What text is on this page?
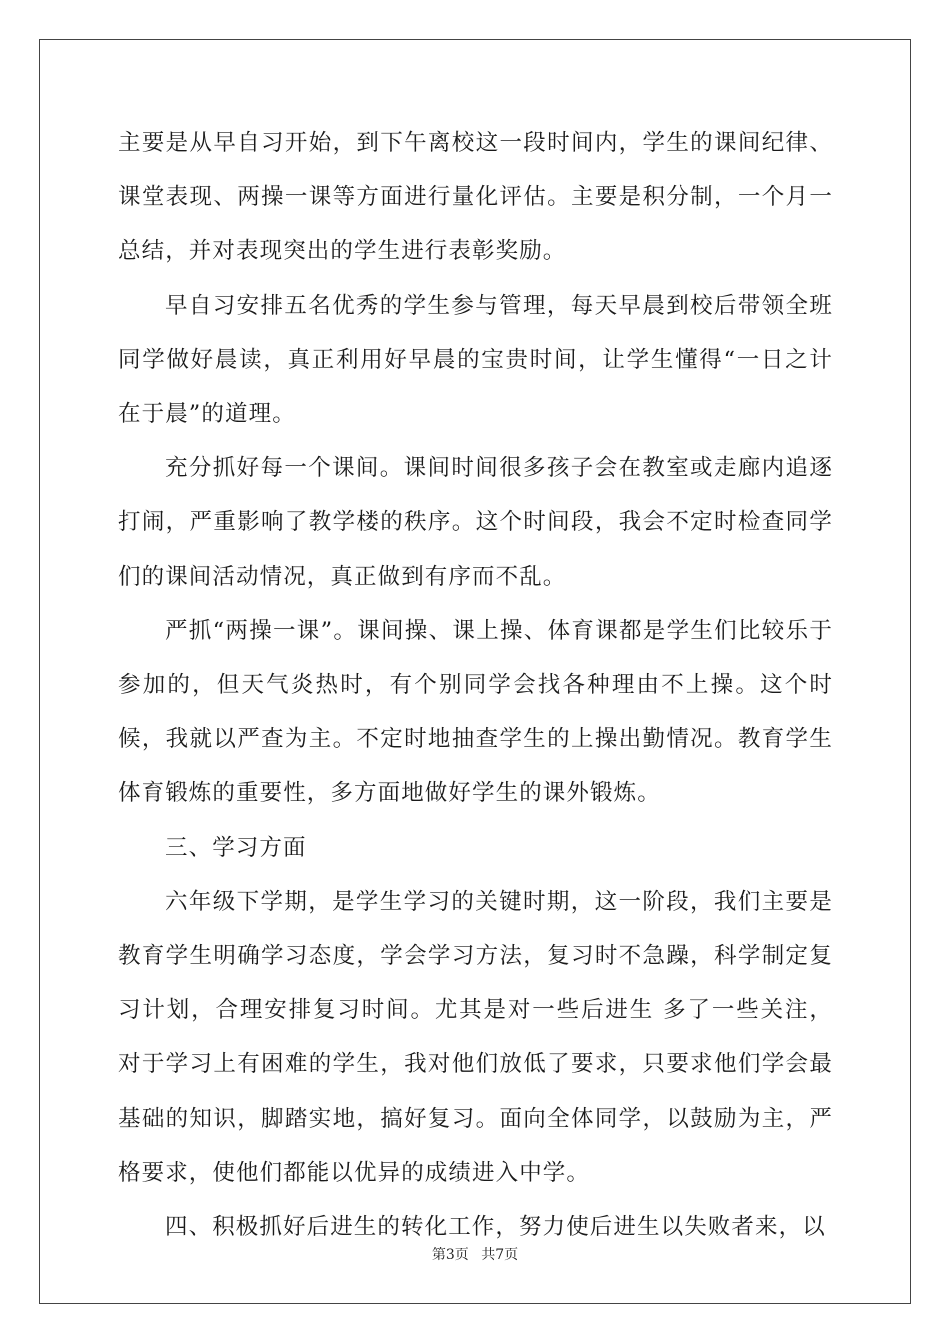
主要是从早自习开始，到下午离校这一段时间内，学生的课间纪律、课堂表现、两操一课等方面进行量化评估。主要是积分制，一个月一总结，并对表现突出的学生进行表彰奖励。

早自习安排五名优秀的学生参与管理，每天早晨到校后带领全班同学做好晨读，真正利用好早晨的宝贵时间，让学生懂得“一日之计在于晨”的道理。

充分抓好每一个课间。课间时间很多孩子会在教室或走廊内追逐打闹，严重影响了教学楼的秩序。这个时间段，我会不定时检查同学们的课间活动情况，真正做到有序而不乱。

严抓“两操一课”。课间操、课上操、体育课都是学生们比较乐于参加的，但天气炎热时，有个别同学会找各种理由不上操。这个时候，我就以严查为主。不定时地抽查学生的上操出勤情况。教育学生体育锻炼的重要性，多方面地做好学生的课外锻炼。

三、学习方面

六年级下学期，是学生学习的关键时期，这一阶段，我们主要是教育学生明确学习态度，学会学习方法，复习时不急躁，科学制定复习计划，合理安排复习时间。尤其是对一些后进生 多了一些关注，对于学习上有困难的学生，我对他们放低了要求，只要求他们学会最基础的知识，脚踏实地，搞好复习。面向全体同学，以鼓励为主，严格要求，使他们都能以优异的成绩进入中学。

四、积极抓好后进生的转化工作，努力使后进生以失败者来，以

第3页 共7页
